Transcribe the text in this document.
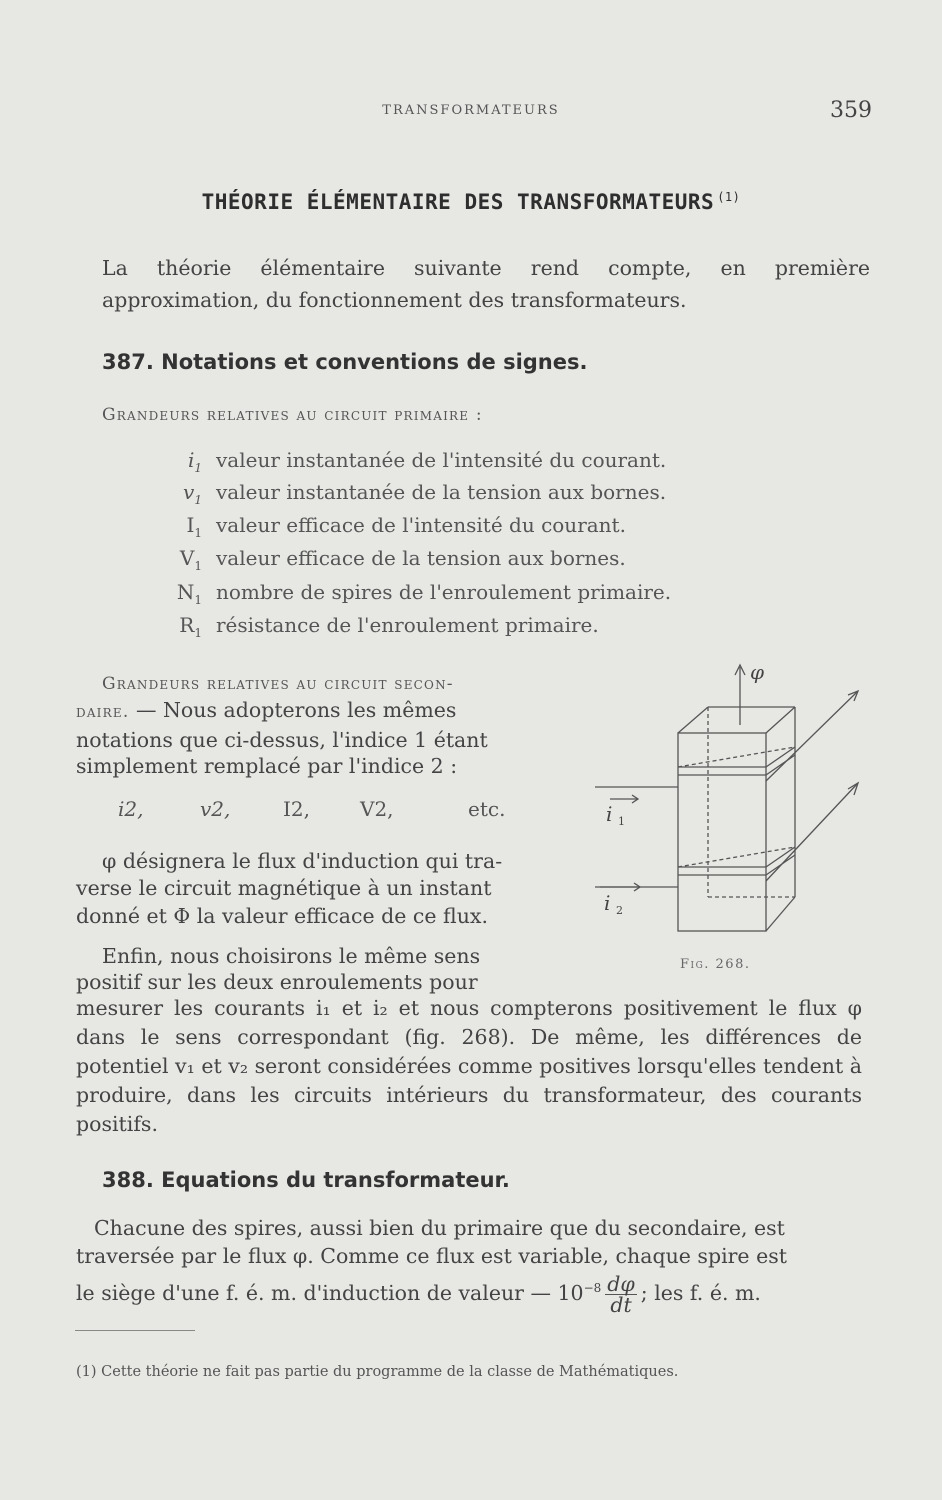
TRANSFORMATEURS	359
THÉORIE ÉLÉMENTAIRE DES TRANSFORMATEURS $^{(1)}$
La théorie élémentaire suivante rend compte, en première approximation, du fonctionnement des transformateurs.
387. Notations et conventions de signes.
Grandeurs relatives au circuit primaire :
$i_1$ valeur instantanée de l'intensité du courant.
$v_1$ valeur instantanée de la tension aux bornes.
$I_1$ valeur efficace de l'intensité du courant.
$V_1$ valeur efficace de la tension aux bornes.
$N_1$ nombre de spires de l'enroulement primaire.
$R_1$ résistance de l'enroulement primaire.
Grandeurs relatives au circuit secon-
daire. — Nous adopterons les mêmes
notations que ci-dessus, l'indice 1 étant
simplement remplacé par l'indice 2 :
i2,	v2,	I2,	V2,	etc.
φ désignera le flux d'induction qui tra-
verse le circuit magnétique à un instant
donné et Φ la valeur efficace de ce flux.
Enfin, nous choisirons le même sens
positif sur les deux enroulements pour
mesurer les courants i₁ et i₂ et nous compterons positivement le flux φ dans le sens correspondant (fig. 268). De même, les différences de potentiel v₁ et v₂ seront considérées comme positives lorsqu'elles tendent à produire, dans les circuits intérieurs du transformateur, des courants positifs.
φ
i 1
i 2
Fig. 268.
388. Equations du transformateur.
Chacune des spires, aussi bien du primaire que du secondaire, est
traversée par le flux φ. Comme ce flux est variable, chaque spire est
le siège d'une f. é. m. d'induction de valeur — $10^{-8} \frac{d\varphi}{dt}$ ; les f. é. m.
(1) Cette théorie ne fait pas partie du programme de la classe de Mathématiques.
